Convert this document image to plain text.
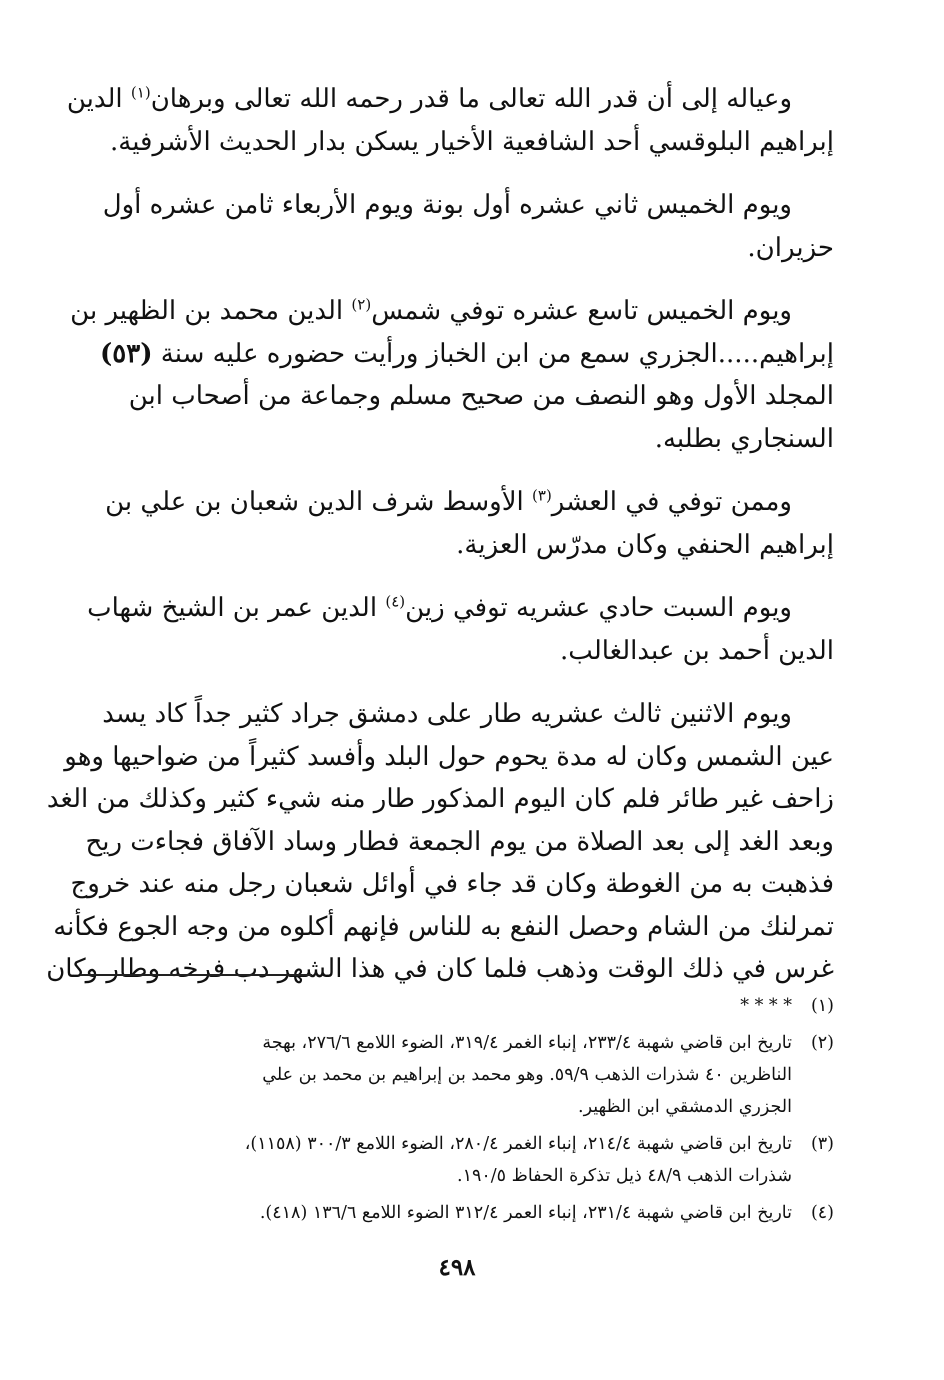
وعياله إلى أن قدر الله تعالى ما قدر رحمه الله تعالى وبرهان$^{(١)}$ الدين
إبراهيم البلوقسي أحد الشافعية الأخيار يسكن بدار الحديث الأشرفية.
ويوم الخميس ثاني عشره أول بونة ويوم الأربعاء ثامن عشره أول
حزيران.
ويوم الخميس تاسع عشره توفي شمس$^{(٢)}$ الدين محمد بن الظهير بن
إبراهيم.....الجزري سمع من ابن الخباز ورأيت حضوره عليه سنة (٥٣)
المجلد الأول وهو النصف من صحيح مسلم وجماعة من أصحاب ابن
السنجاري بطلبه.
وممن توفي في العشر$^{(٣)}$ الأوسط شرف الدين شعبان بن علي بن
إبراهيم الحنفي وكان مدرّس العزية.
ويوم السبت حادي عشريه توفي زين$^{(٤)}$ الدين عمر بن الشيخ شهاب
الدين أحمد بن عبدالغالب.
ويوم الاثنين ثالث عشريه طار على دمشق جراد كثير جداً كاد يسد
عين الشمس وكان له مدة يحوم حول البلد وأفسد كثيراً من ضواحيها وهو
زاحف غير طائر فلم كان اليوم المذكور طار منه شيء كثير وكذلك من الغد
وبعد الغد إلى بعد الصلاة من يوم الجمعة فطار وساد الآفاق فجاءت ريح
فذهبت به من الغوطة وكان قد جاء في أوائل شعبان رجل منه عند خروج
تمرلنك من الشام وحصل النفع به للناس فإنهم أكلوه من وجه الجوع فكأنه
غرس في ذلك الوقت وذهب فلما كان في هذا الشهر دب فرخه وطار وكان
(١)
* * * *
(٢)
تاريخ ابن قاضي شهبة ٢٣٣/٤، إنباء الغمر ٣١٩/٤، الضوء اللامع ٢٧٦/٦، بهجة
الناظرين ٤٠ شذرات الذهب ٥٩/٩. وهو محمد بن إبراهيم بن محمد بن علي
الجزري الدمشقي ابن الظهير.
(٣)
تاريخ ابن قاضي شهبة ٢١٤/٤، إنباء الغمر ٢٨٠/٤، الضوء اللامع ٣٠٠/٣ (١١٥٨)،
شذرات الذهب ٤٨/٩ ذيل تذكرة الحفاظ ١٩٠/٥.
(٤)
تاريخ ابن قاضي شهبة ٢٣١/٤، إنباء العمر ٣١٢/٤ الضوء اللامع ١٣٦/٦ (٤١٨).
٤٩٨
